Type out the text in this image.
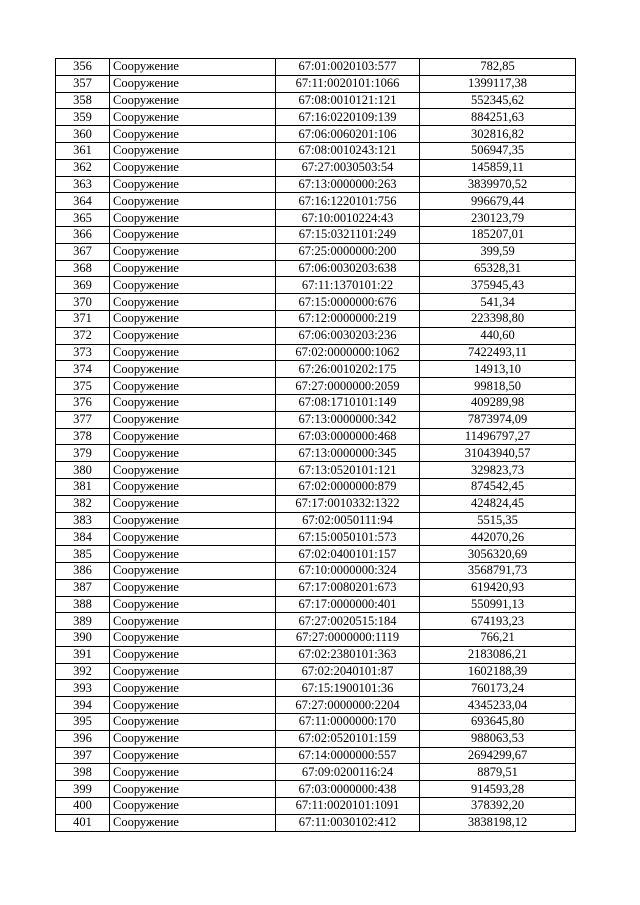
356	Сооружение	67:01:0020103:577	782,85
357	Сооружение	67:11:0020101:1066	1399117,38
358	Сооружение	67:08:0010121:121	552345,62
359	Сооружение	67:16:0220109:139	884251,63
360	Сооружение	67:06:0060201:106	302816,82
361	Сооружение	67:08:0010243:121	506947,35
362	Сооружение	67:27:0030503:54	145859,11
363	Сооружение	67:13:0000000:263	3839970,52
364	Сооружение	67:16:1220101:756	996679,44
365	Сооружение	67:10:0010224:43	230123,79
366	Сооружение	67:15:0321101:249	185207,01
367	Сооружение	67:25:0000000:200	399,59
368	Сооружение	67:06:0030203:638	65328,31
369	Сооружение	67:11:1370101:22	375945,43
370	Сооружение	67:15:0000000:676	541,34
371	Сооружение	67:12:0000000:219	223398,80
372	Сооружение	67:06:0030203:236	440,60
373	Сооружение	67:02:0000000:1062	7422493,11
374	Сооружение	67:26:0010202:175	14913,10
375	Сооружение	67:27:0000000:2059	99818,50
376	Сооружение	67:08:1710101:149	409289,98
377	Сооружение	67:13:0000000:342	7873974,09
378	Сооружение	67:03:0000000:468	11496797,27
379	Сооружение	67:13:0000000:345	31043940,57
380	Сооружение	67:13:0520101:121	329823,73
381	Сооружение	67:02:0000000:879	874542,45
382	Сооружение	67:17:0010332:1322	424824,45
383	Сооружение	67:02:0050111:94	5515,35
384	Сооружение	67:15:0050101:573	442070,26
385	Сооружение	67:02:0400101:157	3056320,69
386	Сооружение	67:10:0000000:324	3568791,73
387	Сооружение	67:17:0080201:673	619420,93
388	Сооружение	67:17:0000000:401	550991,13
389	Сооружение	67:27:0020515:184	674193,23
390	Сооружение	67:27:0000000:1119	766,21
391	Сооружение	67:02:2380101:363	2183086,21
392	Сооружение	67:02:2040101:87	1602188,39
393	Сооружение	67:15:1900101:36	760173,24
394	Сооружение	67:27:0000000:2204	4345233,04
395	Сооружение	67:11:0000000:170	693645,80
396	Сооружение	67:02:0520101:159	988063,53
397	Сооружение	67:14:0000000:557	2694299,67
398	Сооружение	67:09:0200116:24	8879,51
399	Сооружение	67:03:0000000:438	914593,28
400	Сооружение	67:11:0020101:1091	378392,20
401	Сооружение	67:11:0030102:412	3838198,12
